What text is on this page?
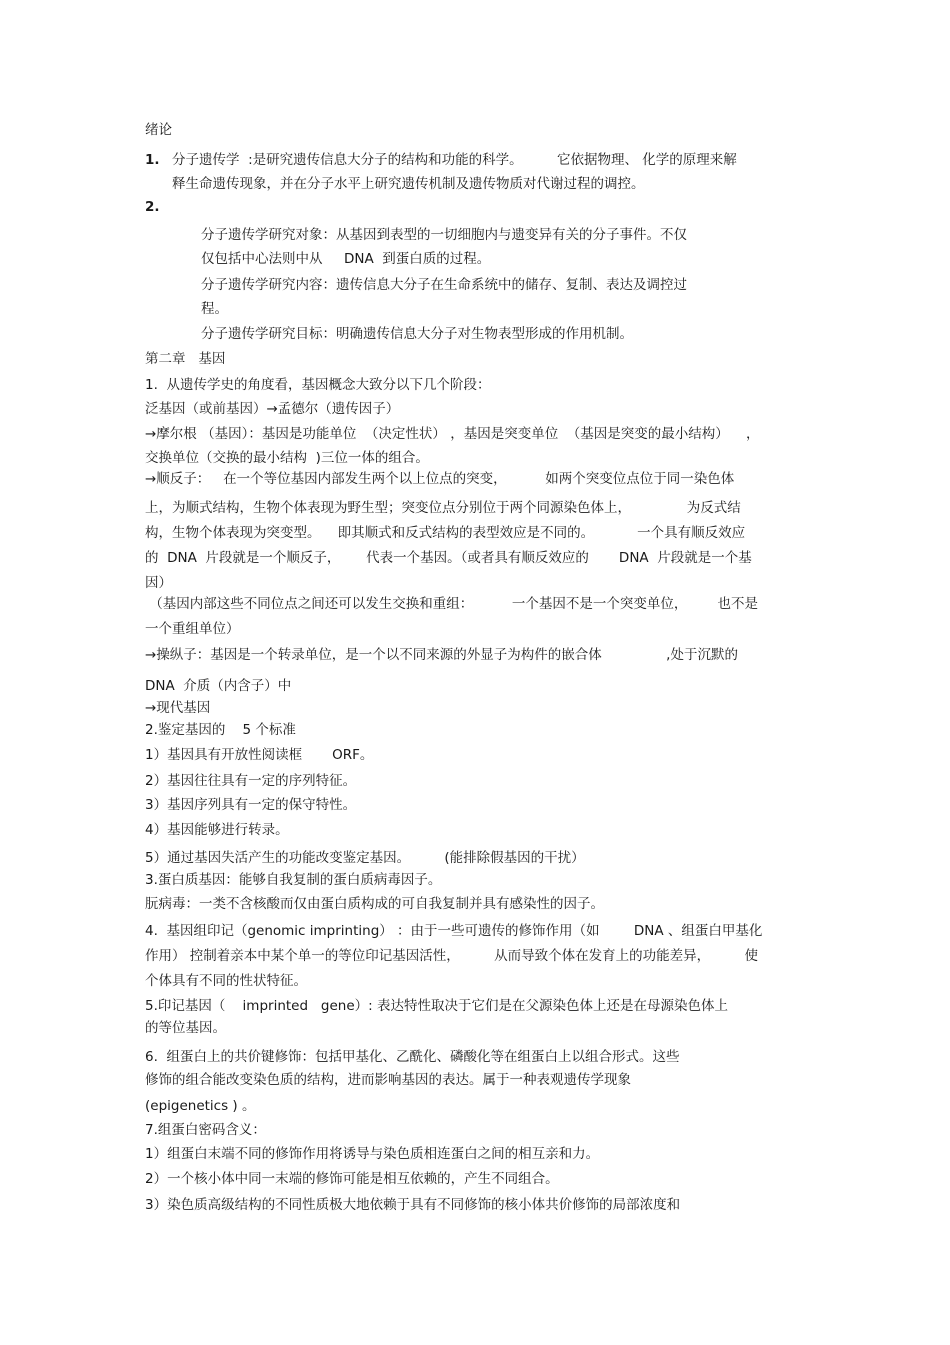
绪论
1. 分子遗传学  :是研究遗传信息大分子的结构和功能的科学。        它依据物理、 化学的原理来解
释生命遗传现象，并在分子水平上研究遗传机制及遗传物质对代谢过程的调控。
2.
分子遗传学研究对象：从基因到表型的一切细胞内与遗变异有关的分子事件。不仅
仅包括中心法则中从     DNA  到蛋白质的过程。
分子遗传学研究内容：遗传信息大分子在生命系统中的储存、复制、表达及调控过
程。
分子遗传学研究目标：明确遗传信息大分子对生物表型形成的作用机制。
第二章   基因
1.  从遗传学史的角度看，基因概念大致分以下几个阶段：
泛基因（或前基因）→孟德尔（遗传因子）
→摩尔根 （基因）：基因是功能单位  （决定性状） ，基因是突变单位  （基因是突变的最小结构）    ，
交换单位（交换的最小结构  )三位一体的组合。
→顺反子：   在一个等位基因内部发生两个以上位点的突变，         如两个突变位点位于同一染色体
上，为顺式结构，生物个体表现为野生型；突变位点分别位于两个同源染色体上，             为反式结
构，生物个体表现为突变型。    即其顺式和反式结构的表型效应是不同的。          一个具有顺反效应
的  DNA  片段就是一个顺反子，      代表一个基因。（或者具有顺反效应的       DNA  片段就是一个基
因）
（基因内部这些不同位点之间还可以发生交换和重组：         一个基因不是一个突变单位，       也不是
一个重组单位）
→操纵子：基因是一个转录单位，是一个以不同来源的外显子为构件的嵌合体               ,处于沉默的
DNA  介质（内含子）中
→现代基因
2.鉴定基因的    5 个标准
1）基因具有开放性阅读框       ORF。
2）基因往往具有一定的序列特征。
3）基因序列具有一定的保守特性。
4）基因能够进行转录。
5）通过基因失活产生的功能改变鉴定基因。        (能排除假基因的干扰）
3.蛋白质基因：能够自我复制的蛋白质病毒因子。
朊病毒：一类不含核酸而仅由蛋白质构成的可自我复制并具有感染性的因子。
4.  基因组印记（genomic imprinting） ：由于一些可遗传的修饰作用（如        DNA 、组蛋白甲基化
作用） 控制着亲本中某个单一的等位印记基因活性，        从而导致个体在发育上的功能差异，        使
个体具有不同的性状特征。
5.印记基因（    imprinted   gene）: 表达特性取决于它们是在父源染色体上还是在母源染色体上
的等位基因。
6.  组蛋白上的共价键修饰：包括甲基化、乙酰化、磷酸化等在组蛋白上以组合形式。这些
修饰的组合能改变染色质的结构，进而影响基因的表达。属于一种表观遗传学现象
(epigenetics ) 。
7.组蛋白密码含义：
1）组蛋白末端不同的修饰作用将诱导与染色质相连蛋白之间的相互亲和力。
2）一个核小体中同一末端的修饰可能是相互依赖的，产生不同组合。
3）染色质高级结构的不同性质极大地依赖于具有不同修饰的核小体共价修饰的局部浓度和
